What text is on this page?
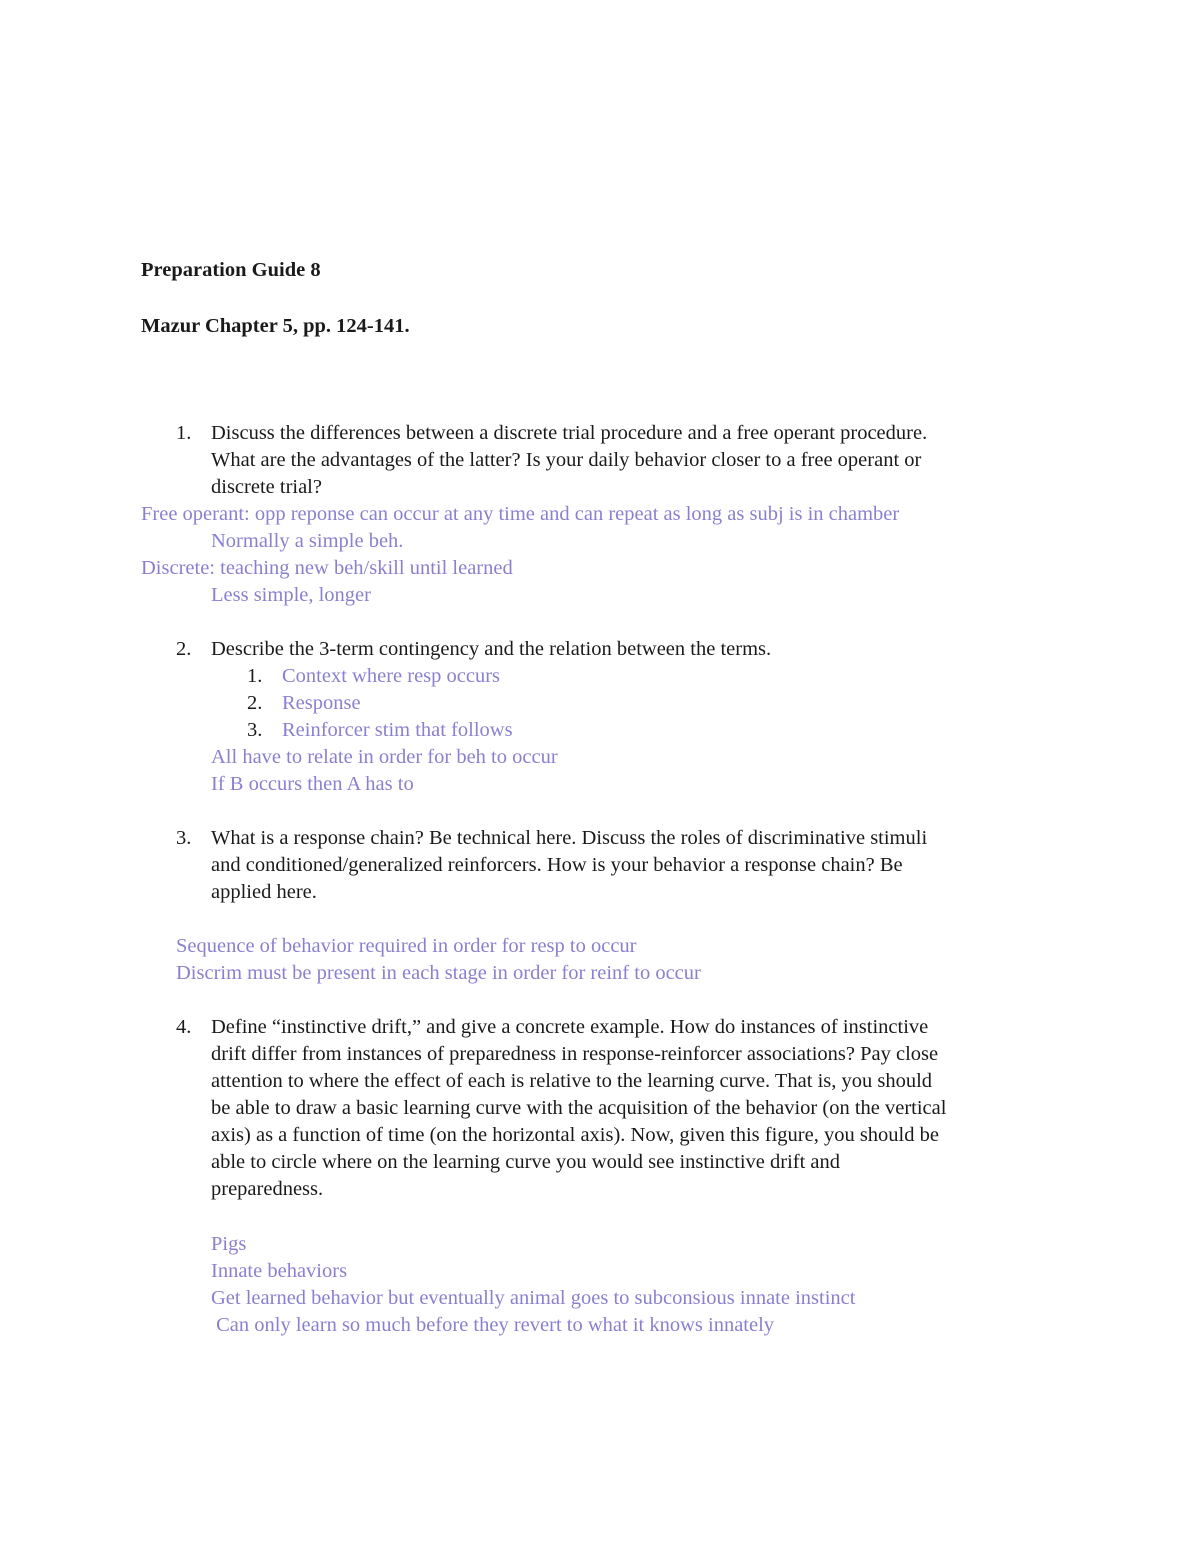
Preparation Guide 8
Mazur Chapter 5, pp. 124-141.
1. Discuss the differences between a discrete trial procedure and a free operant procedure.
What are the advantages of the latter? Is your daily behavior closer to a free operant or
discrete trial?
Free operant: opp reponse can occur at any time and can repeat as long as subj is in chamber
Normally a simple beh.
Discrete: teaching new beh/skill until learned
Less simple, longer
2. Describe the 3-term contingency and the relation between the terms.
1. Context where resp occurs
2. Response
3. Reinforcer stim that follows
All have to relate in order for beh to occur
If B occurs then A has to
3. What is a response chain? Be technical here. Discuss the roles of discriminative stimuli
and conditioned/generalized reinforcers. How is your behavior a response chain? Be
applied here.
Sequence of behavior required in order for resp to occur
Discrim must be present in each stage in order for reinf to occur
4. Define “instinctive drift,” and give a concrete example. How do instances of instinctive
drift differ from instances of preparedness in response-reinforcer associations? Pay close
attention to where the effect of each is relative to the learning curve. That is, you should
be able to draw a basic learning curve with the acquisition of the behavior (on the vertical
axis) as a function of time (on the horizontal axis). Now, given this figure, you should be
able to circle where on the learning curve you would see instinctive drift and
preparedness.
Pigs
Innate behaviors
Get learned behavior but eventually animal goes to subconsious innate instinct
Can only learn so much before they revert to what it knows innately
